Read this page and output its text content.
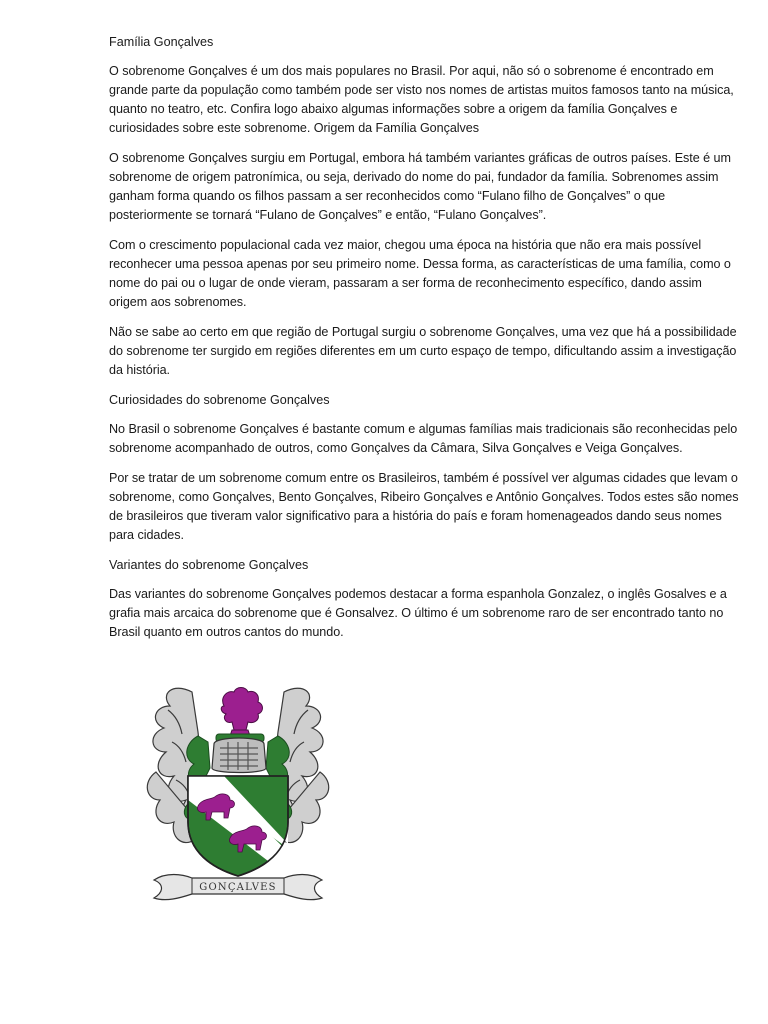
Família Gonçalves

O sobrenome Gonçalves é um dos mais populares no Brasil. Por aqui, não só o sobrenome é encontrado em grande parte da população como também pode ser visto nos nomes de artistas muitos famosos tanto na música, quanto no teatro, etc. Confira logo abaixo algumas informações sobre a origem da família Gonçalves e curiosidades sobre este sobrenome. Origem da Família Gonçalves

O sobrenome Gonçalves surgiu em Portugal, embora há também variantes gráficas de outros países. Este é um sobrenome de origem patronímica, ou seja, derivado do nome do pai, fundador da família. Sobrenomes assim ganham forma quando os filhos passam a ser reconhecidos como “Fulano filho de Gonçalves” o que posteriormente se tornará “Fulano de Gonçalves” e então, “Fulano Gonçalves”.

Com o crescimento populacional cada vez maior, chegou uma época na história que não era mais possível reconhecer uma pessoa apenas por seu primeiro nome. Dessa forma, as características de uma família, como o nome do pai ou o lugar de onde vieram, passaram a ser forma de reconhecimento específico, dando assim origem aos sobrenomes.

Não se sabe ao certo em que região de Portugal surgiu o sobrenome Gonçalves, uma vez que há a possibilidade do sobrenome ter surgido em regiões diferentes em um curto espaço de tempo, dificultando assim a investigação da história.

Curiosidades do sobrenome Gonçalves

No Brasil o sobrenome Gonçalves é bastante comum e algumas famílias mais tradicionais são reconhecidas pelo sobrenome acompanhado de outros, como Gonçalves da Câmara, Silva Gonçalves e Veiga Gonçalves.

Por se tratar de um sobrenome comum entre os Brasileiros, também é possível ver algumas cidades que levam o sobrenome, como Gonçalves, Bento Gonçalves, Ribeiro Gonçalves e Antônio Gonçalves. Todos estes são nomes de brasileiros que tiveram valor significativo para a história do país e foram homenageados dando seus nomes para cidades.

Variantes do sobrenome Gonçalves

Das variantes do sobrenome Gonçalves podemos destacar a forma espanhola Gonzalez, o inglês Gosalves e a grafia mais arcaica do sobrenome que é Gonsalvez. O último é um sobrenome raro de ser encontrado tanto no Brasil quanto em outros cantos do mundo.

GONÇALVES
